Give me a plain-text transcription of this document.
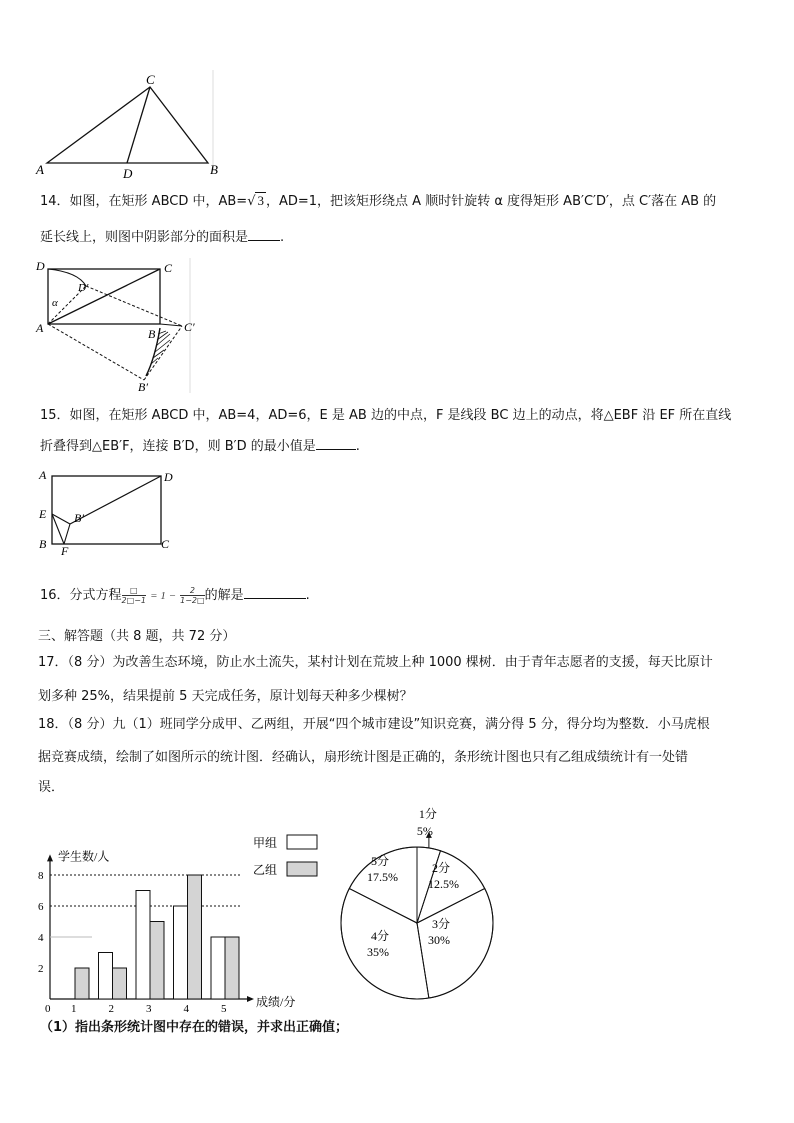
C
A	D	B
14．如图，在矩形 ABCD 中，AB=√ 3 ，AD=1，把该矩形绕点 A 顺时针旋转 α 度得矩形 AB′C′D′，点 C′落在 AB 的
延长线上，则图中阴影部分的面积是 .
D	C
D′
α
A	B C′
B′
15．如图，在矩形 ABCD 中，AB=4，AD=6，E 是 AB 边的中点，F 是线段 BC 边上的动点，将△EBF 沿 EF 所在直线
折叠得到△EB′F，连接 B′D，则 B′D 的最小值是	.
A	D
E B′
B F	C
16．分式方程 $\frac{□}{2□-1} = 1 - \frac{2}{1-2□}$ 的解是	.
三、解答题（共 8 题，共 72 分）
17．（8 分）为改善生态环境，防止水土流失，某村计划在荒坡上种 1000 棵树．由于青年志愿者的支援，每天比原计
划多种 25%，结果提前 5 天完成任务，原计划每天种多少棵树？
18．（8 分）九（1）班同学分成甲、乙两组，开展“四个城市建设”知识竞赛，满分得 5 分，得分均为整数．小马虎根
据竞赛成绩，绘制了如图所示的统计图．经确认，扇形统计图是正确的，条形统计图也只有乙组成绩统计有一处错
误．
学生数/人
成绩/分
0
2
4
6
8
1	2	3	4	5
甲组
乙组
1分
5%
2分
12.5%
3分
30%
4分
35%
5分
17.5%
（1）指出条形统计图中存在的错误，并求出正确值；
